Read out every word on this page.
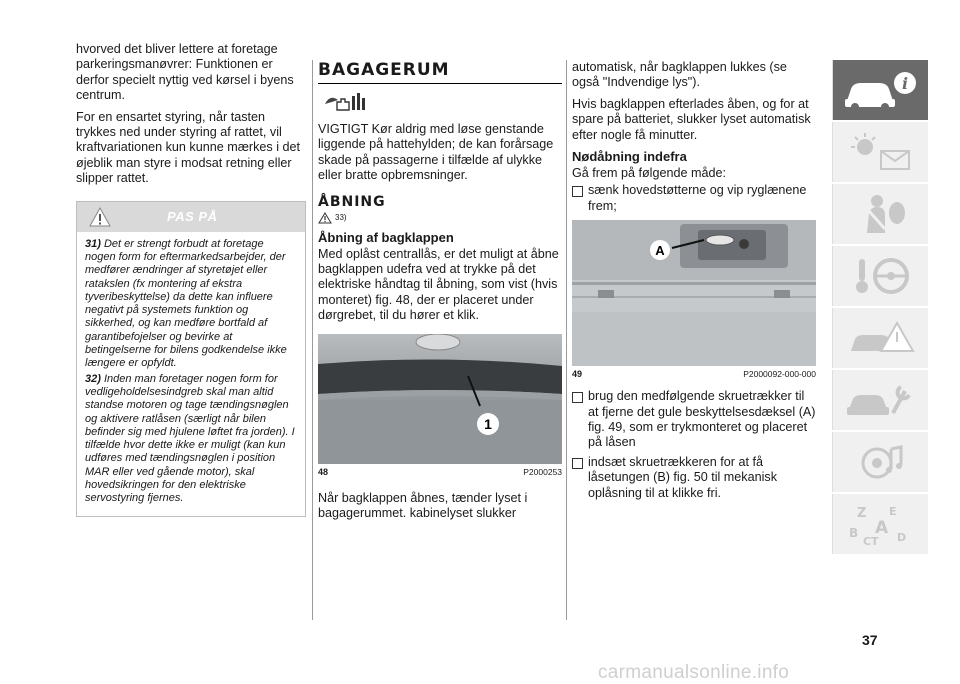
hvorved det bliver lettere at foretage parkeringsmanøvrer: Funktionen er derfor specielt nyttig ved kørsel i byens centrum.

For en ensartet styring, når tasten trykkes ned under styring af rattet, vil kraftvariationen kun kunne mærkes i det øjeblik man styre i modsat retning eller slipper rattet.

PAS PÅ

31) Det er strengt forbudt at foretage nogen form for eftermarkedsarbejder, der medfører ændringer af styretøjet eller ratakslen (fx montering af ekstra tyveribeskyttelse) da dette kan influere negativt på systemets funktion og sikkerhed, og kan medføre bortfald af garantibefojelser og bevirke at betingelserne for bilens godkendelse ikke længere er opfyldt.

32) Inden man foretager nogen form for vedligeholdelsesindgreb skal man altid standse motoren og tage tændingsnøglen og aktivere ratlåsen (særligt når bilen befinder sig med hjulene løftet fra jorden). I tilfælde hvor dette ikke er muligt (kan kun udføres med tændingsnøglen i position MAR eller ved gående motor), skal hovedsikringen for den elektriske servostyring fjernes.

BAGAGERUM

VIGTIGT Kør aldrig med løse genstande liggende på hattehylden; de kan forårsage skade på passagerne i tilfælde af ulykke eller bratte opbremsninger.

ÅBNING
33)
Åbning af bagklappen

Med oplåst centrallås, er det muligt at åbne bagklappen udefra ved at trykke på det elektriske håndtag til åbning, som vist (hvis monteret) fig. 48, der er placeret under dørgrebet, til du hører et klik.

1
48	P2000253

Når bagklappen åbnes, tænder lyset i bagagerummet. kabinelyset slukker

automatisk, når bagklappen lukkes (se også "Indvendige lys").

Hvis bagklappen efterlades åben, og for at spare på batteriet, slukker lyset automatisk efter nogle få minutter.

Nødåbning indefra

Gå frem på følgende måde:

sænk hovedstøtterne og vip ryglænene frem;
A
49	P2000092-000-000
brug den medfølgende skruetrækker til at fjerne det gule beskyttelsesdæksel (A) fig. 49, som er trykmonteret og placeret på låsen
indsæt skruetrækkeren for at få låsetungen (B) fig. 50 til mekanisk oplåsning til at klikke fri.
i
Z E
B A
C T D
37
carmanualsonline.info
